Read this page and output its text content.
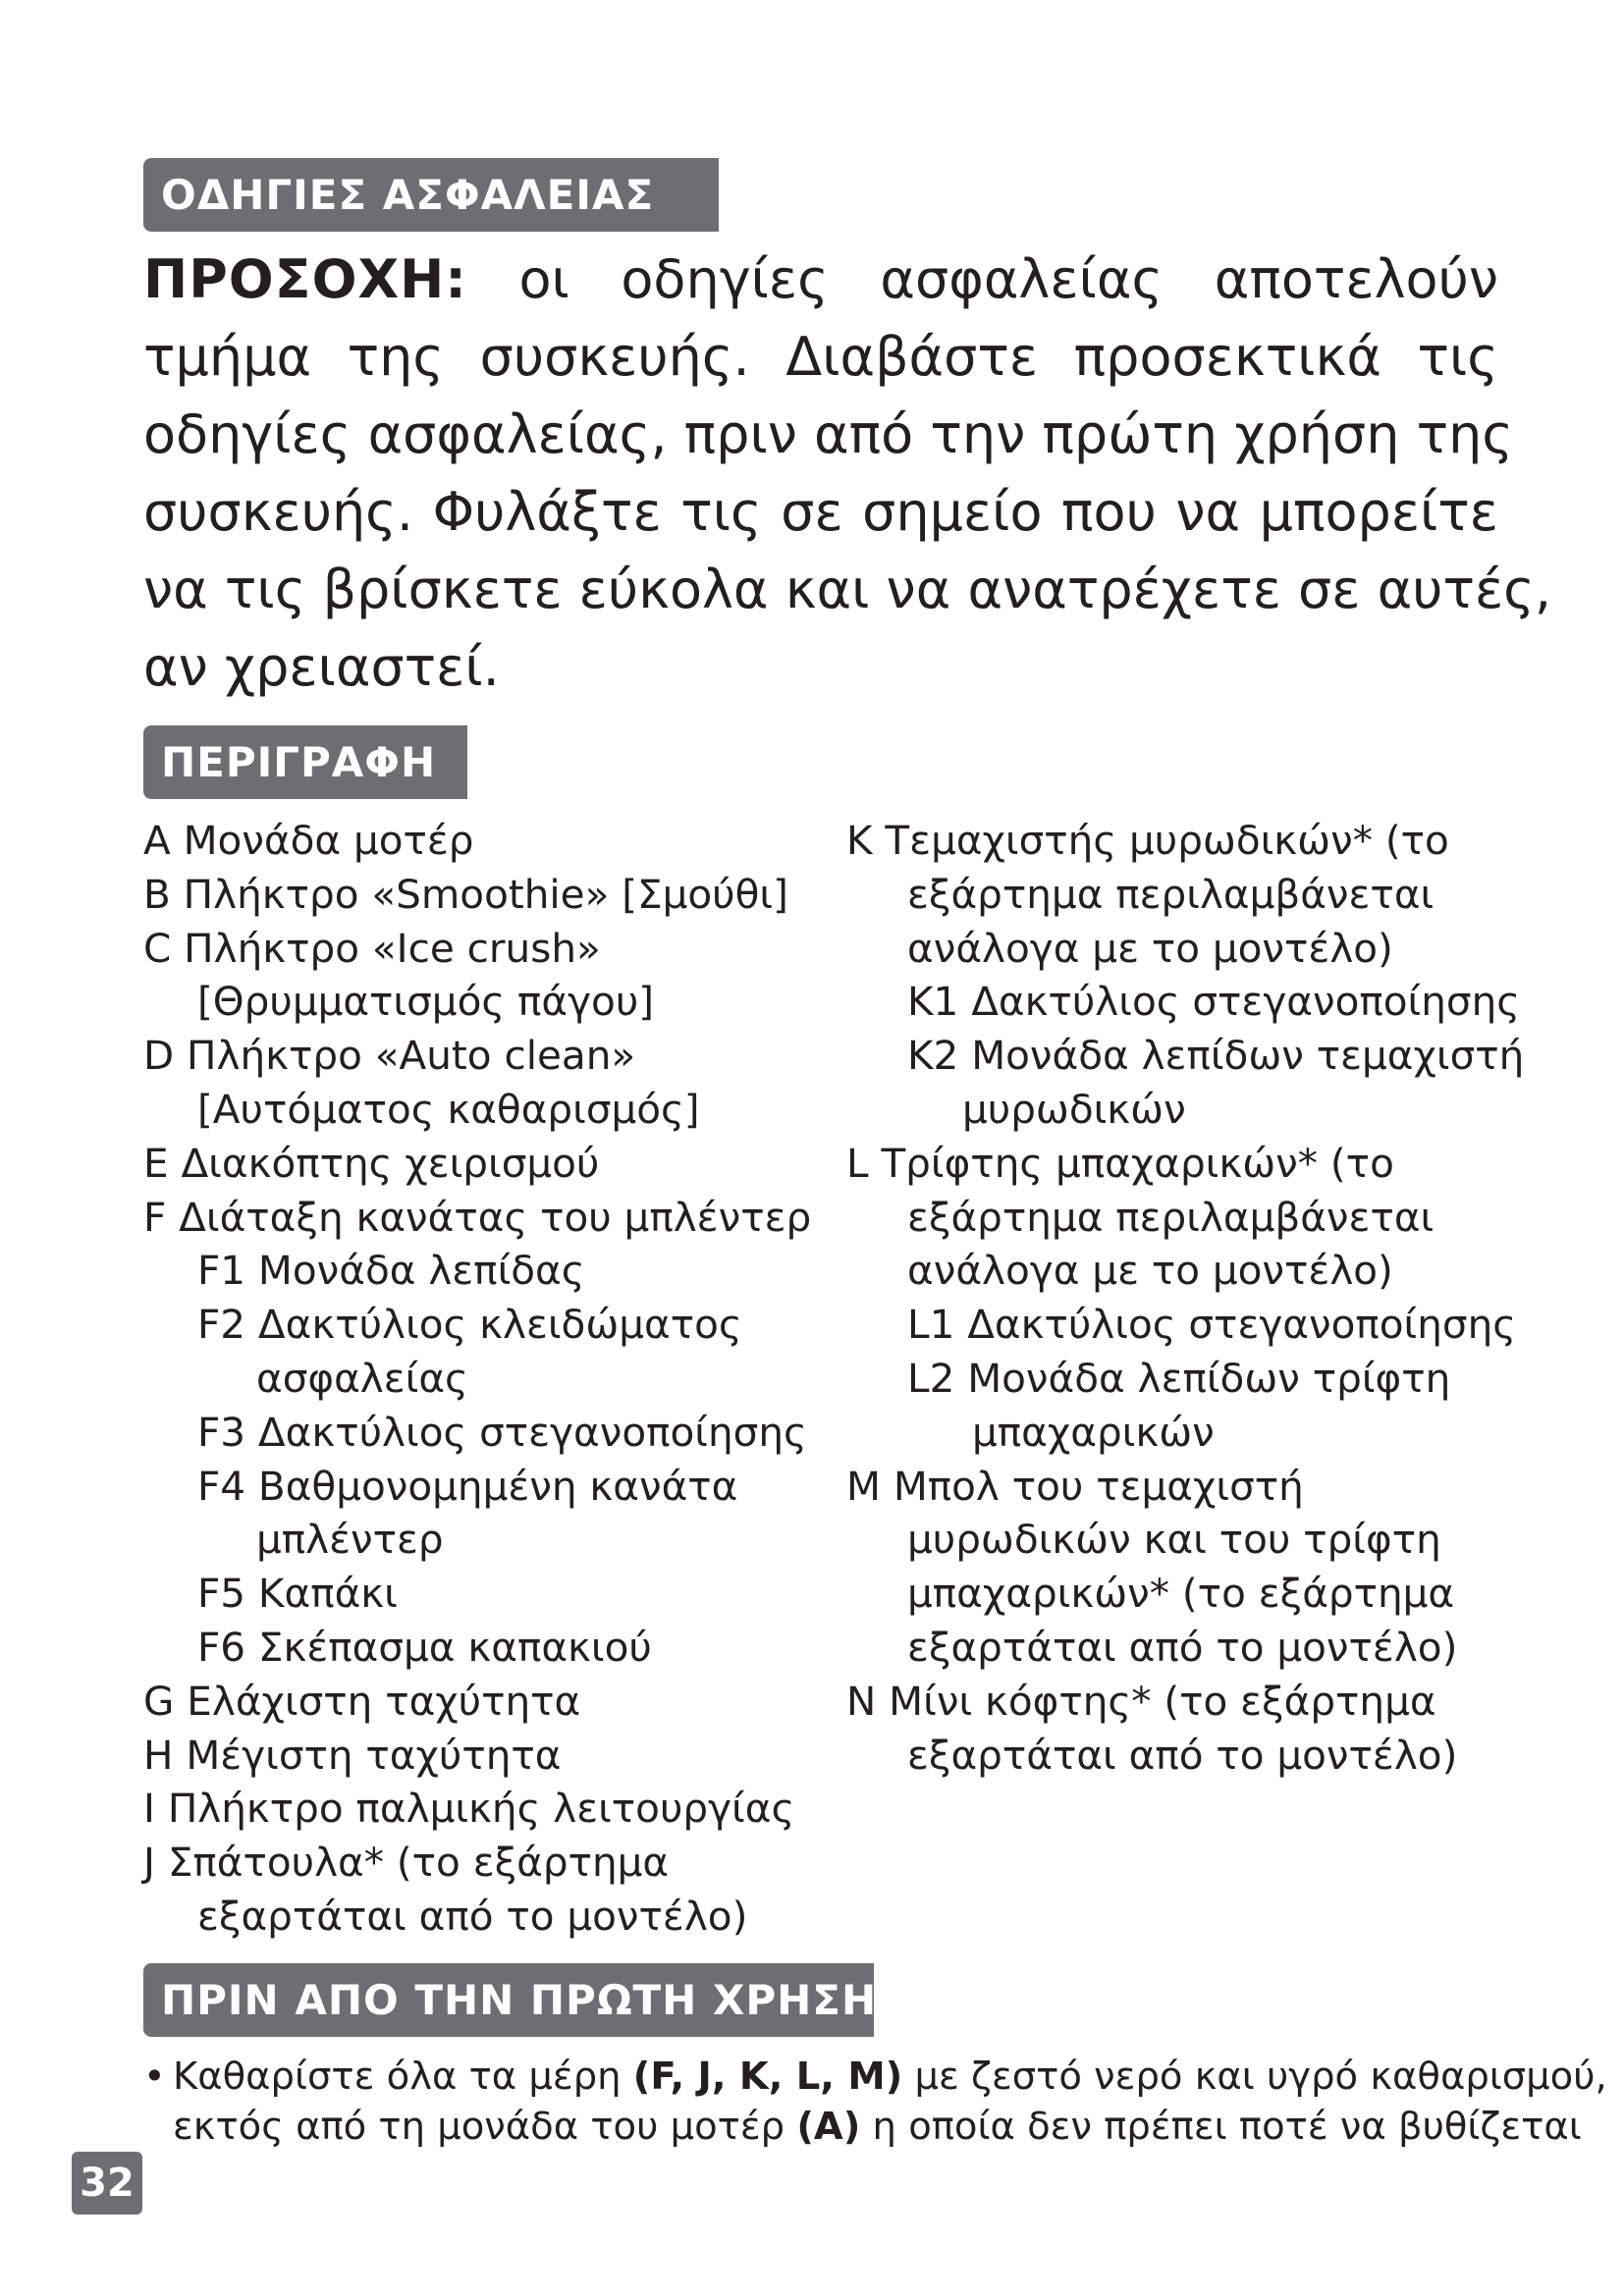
ΟΔΗΓΙΕΣ ΑΣΦΑΛΕΙΑΣ
ΠΡΟΣΟΧΗ: οι οδηγίες ασφαλείας αποτελούν
τμήμα της συσκευής. Διαβάστε προσεκτικά τις
οδηγίες ασφαλείας, πριν από την πρώτη χρήση της
συσκευής. Φυλάξτε τις σε σημείο που να μπορείτε
να τις βρίσκετε εύκολα και να ανατρέχετε σε αυτές,
αν χρειαστεί.
ΠΕΡΙΓΡΑΦΗ
A Μονάδα μοτέρ
B Πλήκτρο «Smoothie» [Σμούθι]
C Πλήκτρο «Ice crush»
[Θρυμματισμός πάγου]
D Πλήκτρο «Auto clean»
[Αυτόματος καθαρισμός]
E Διακόπτης χειρισμού
F Διάταξη κανάτας του μπλέντερ
F1 Μονάδα λεπίδας
F2 Δακτύλιος κλειδώματος
ασφαλείας
F3 Δακτύλιος στεγανοποίησης
F4 Βαθμονομημένη κανάτα
μπλέντερ
F5 Καπάκι
F6 Σκέπασμα καπακιού
G Ελάχιστη ταχύτητα
H Μέγιστη ταχύτητα
I Πλήκτρο παλμικής λειτουργίας
J Σπάτουλα* (το εξάρτημα
εξαρτάται από το μοντέλο)
K Τεμαχιστής μυρωδικών* (το
εξάρτημα περιλαμβάνεται
ανάλογα με το μοντέλο)
K1 Δακτύλιος στεγανοποίησης
K2 Μονάδα λεπίδων τεμαχιστή
μυρωδικών
L Τρίφτης μπαχαρικών* (το
εξάρτημα περιλαμβάνεται
ανάλογα με το μοντέλο)
L1 Δακτύλιος στεγανοποίησης
L2 Μονάδα λεπίδων τρίφτη
μπαχαρικών
M Μπολ του τεμαχιστή
μυρωδικών και του τρίφτη
μπαχαρικών* (το εξάρτημα
εξαρτάται από το μοντέλο)
N Μίνι κόφτης* (το εξάρτημα
εξαρτάται από το μοντέλο)
ΠΡΙΝ ΑΠΟ ΤΗΝ ΠΡΩΤΗ ΧΡΗΣΗ
• Καθαρίστε όλα τα μέρη (F, J, K, L, M) με ζεστό νερό και υγρό καθαρισμού,
εκτός από τη μονάδα του μοτέρ (A) η οποία δεν πρέπει ποτέ να βυθίζεται
32
